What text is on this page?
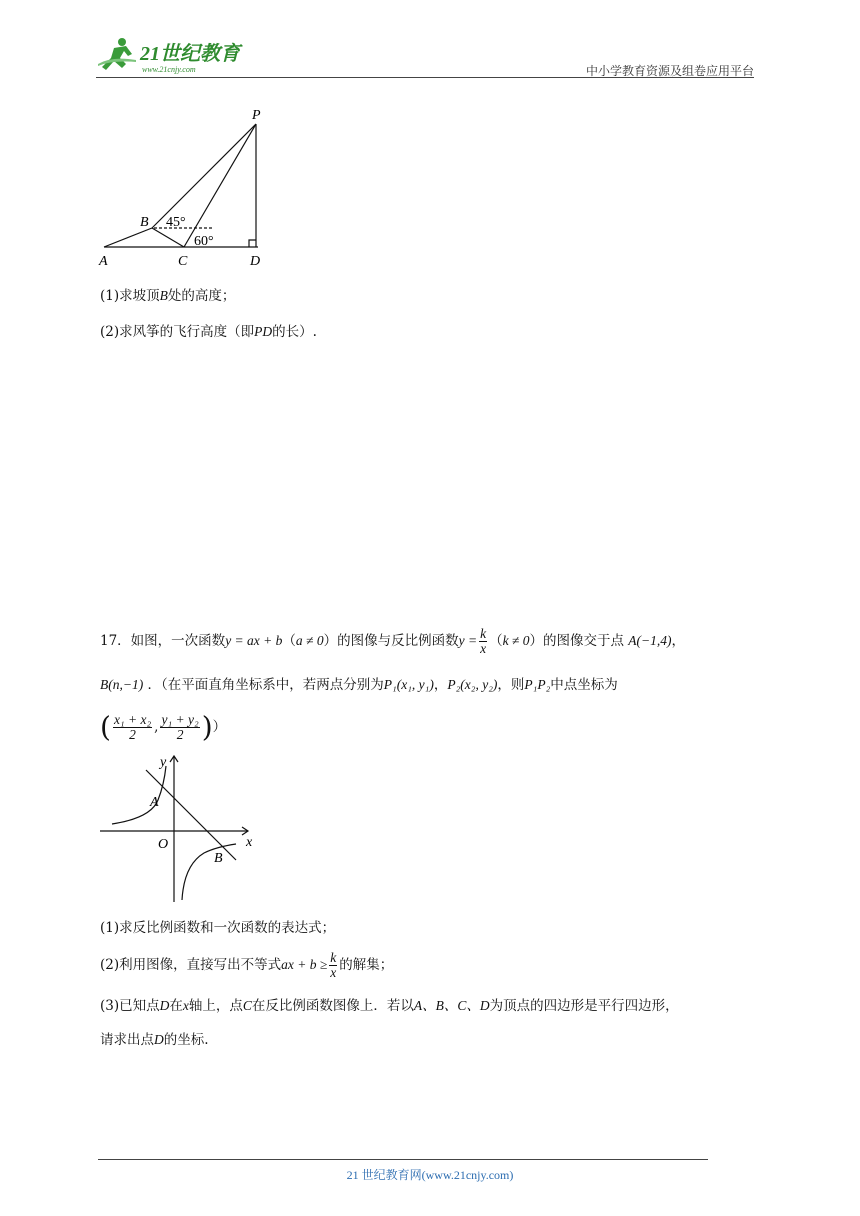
21世纪教育
www.21cnjy.com	中小学教育资源及组卷应用平台
P
B 45°
60°
A	C	D
(1)求坡顶B处的高度；
(2)求风筝的飞行高度（即PD的长）.
17．如图，一次函数y = ax + b（a ≠ 0）的图像与反比例函数$y = \frac{k}{x} (k \ne 0)$的图像交于点 A(−1,4)，
B(n,−1) ．（在平面直角坐标系中，若两点分别为P₁(x₁, y₁)，P₂(x₂, y₂)，则P₁P₂中点坐标为
( $\frac{\text{x₁ + x₂}}{2}$ , $\frac{\text{y₁ + y₂}}{2}$ )）
y
x
O
A
B
(1)求反比例函数和一次函数的表达式；
(2)利用图像，直接写出不等式ax + $b \ge \frac{k}{x}$ 的解集；
(3)已知点D在x轴上，点C在反比例函数图像上．若以A、B、C、D为顶点的四边形是平行四边形，
请求出点D的坐标.
21 世纪教育网(www.21cnjy.com)
